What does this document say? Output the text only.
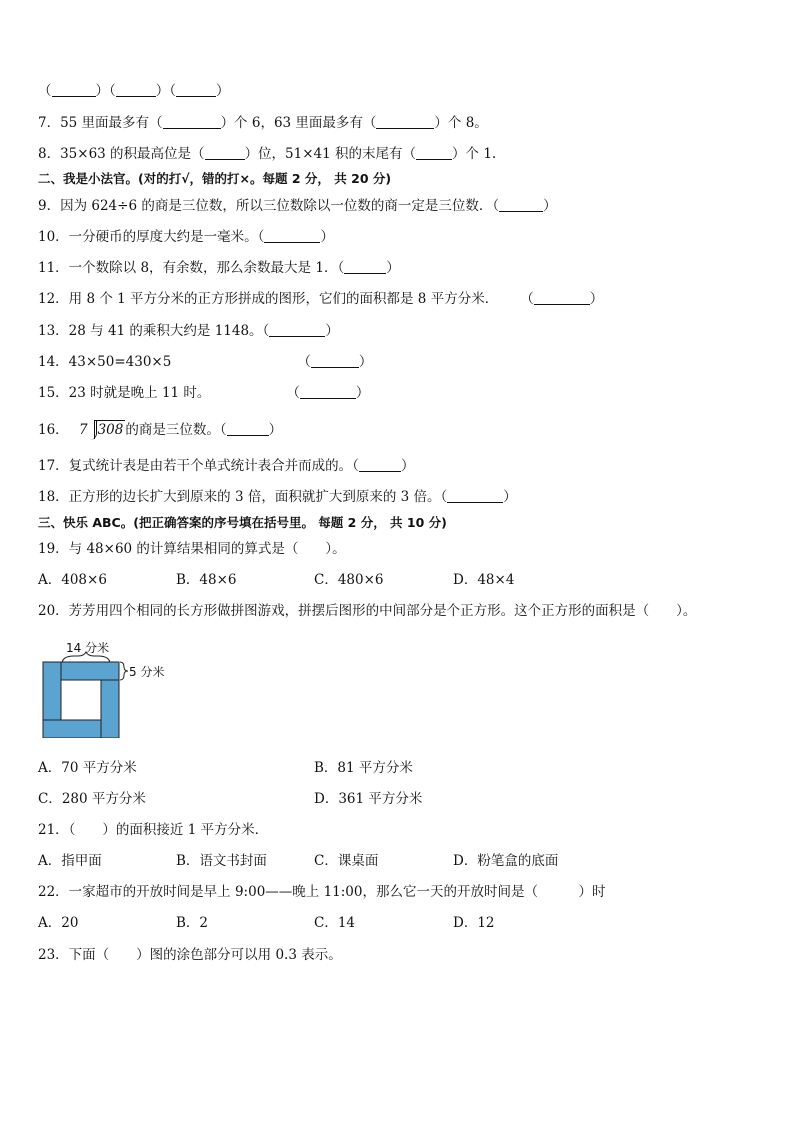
（	）（	）（	）
7．55 里面最多有（	）个 6，63 里面最多有（	）个 8。
8．35×63 的积最高位是（	）位，51×41 积的末尾有（	）个 1.
二、我是小法官。(对的打√，错的打×。每题 2 分， 共 20 分)
9．因为 624÷6 的商是三位数，所以三位数除以一位数的商一定是三位数．（	）
10．一分硬币的厚度大约是一毫米。（	）
11．一个数除以 8，有余数，那么余数最大是 1．（	）
12．用 8 个 1 平方分米的正方形拼成的图形，它们的面积都是 8 平方分米． （	）
13．28 与 41 的乘积大约是 1148。（	）
14．43×50=430×5	（	）
15．23 时就是晚上 11 时。	（	）
16． 7 308 的商是三位数。（	）
17．复式统计表是由若干个单式统计表合并而成的。（	）
18．正方形的边长扩大到原来的 3 倍，面积就扩大到原来的 3 倍。（	）
三、快乐 ABC。(把正确答案的序号填在括号里。 每题 2 分， 共 10 分)
19．与 48×60 的计算结果相同的算式是（　　）。
A．408×6	B．48×6	C．480×6	D．48×4
20．芳芳用四个相同的长方形做拼图游戏，拼摆后图形的中间部分是个正方形。这个正方形的面积是（　　）。
14 分米
5 分米
A．70 平方分米	B．81 平方分米
C．280 平方分米	D．361 平方分米
21．（　　）的面积接近 1 平方分米．
A．指甲面	B．语文书封面	C．课桌面	D．粉笔盒的底面
22．一家超市的开放时间是早上 9:00——晚上 11:00，那么它一天的开放时间是（　　　）时
A．20	B．2	C．14	D．12
23．下面（　　）图的涂色部分可以用 0.3 表示。
